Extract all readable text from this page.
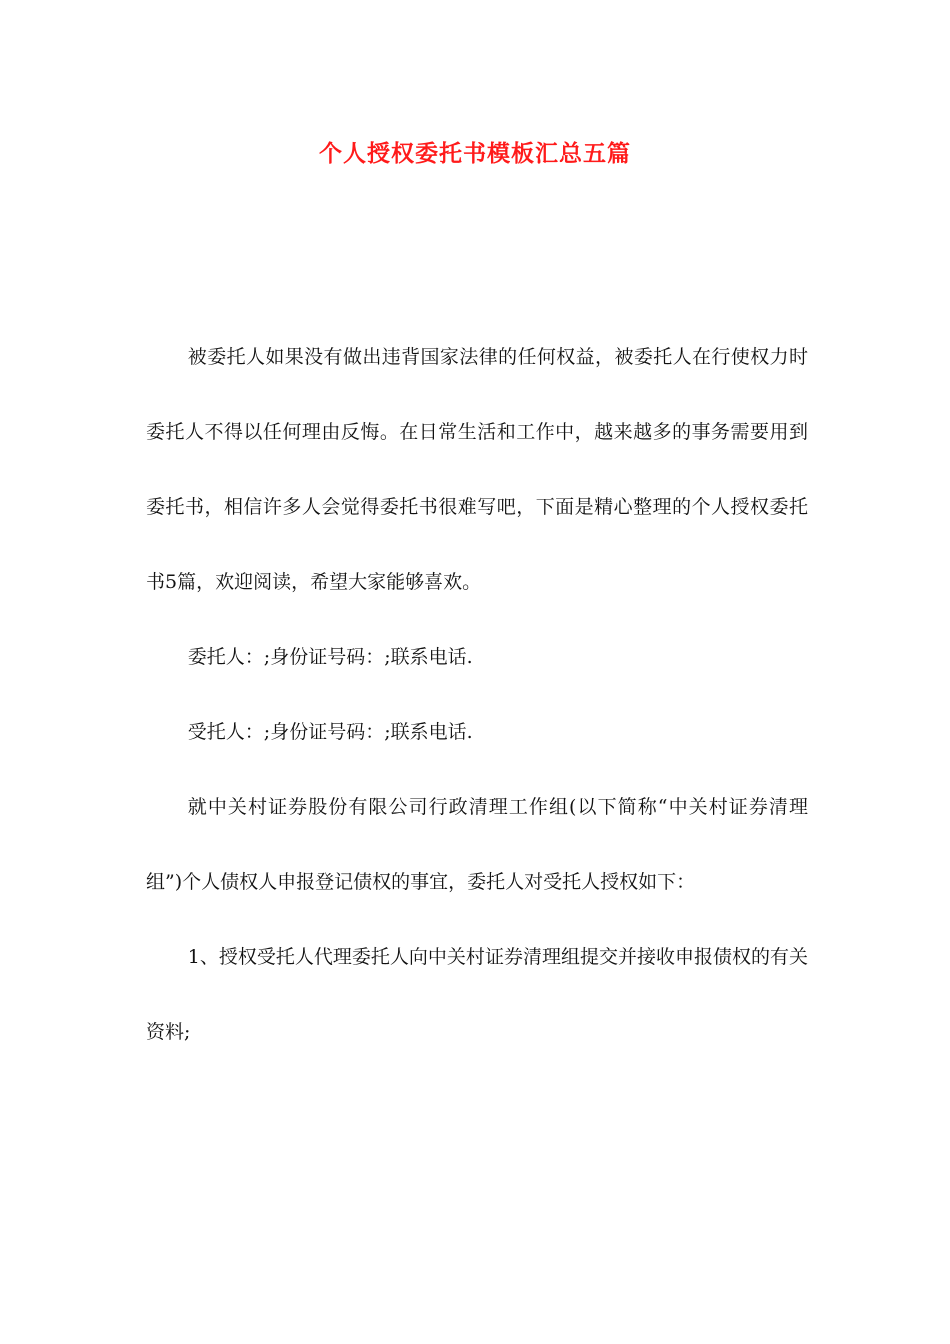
个人授权委托书模板汇总五篇

被委托人如果没有做出违背国家法律的任何权益，被委托人在行使权力时委托人不得以任何理由反悔。在日常生活和工作中，越来越多的事务需要用到委托书，相信许多人会觉得委托书很难写吧，下面是精心整理的个人授权委托书5篇，欢迎阅读，希望大家能够喜欢。

委托人：;身份证号码：;联系电话.

受托人：;身份证号码：;联系电话.

就中关村证券股份有限公司行政清理工作组(以下简称“中关村证券清理组”)个人债权人申报登记债权的事宜，委托人对受托人授权如下：

1、授权受托人代理委托人向中关村证券清理组提交并接收申报债权的有关资料;
